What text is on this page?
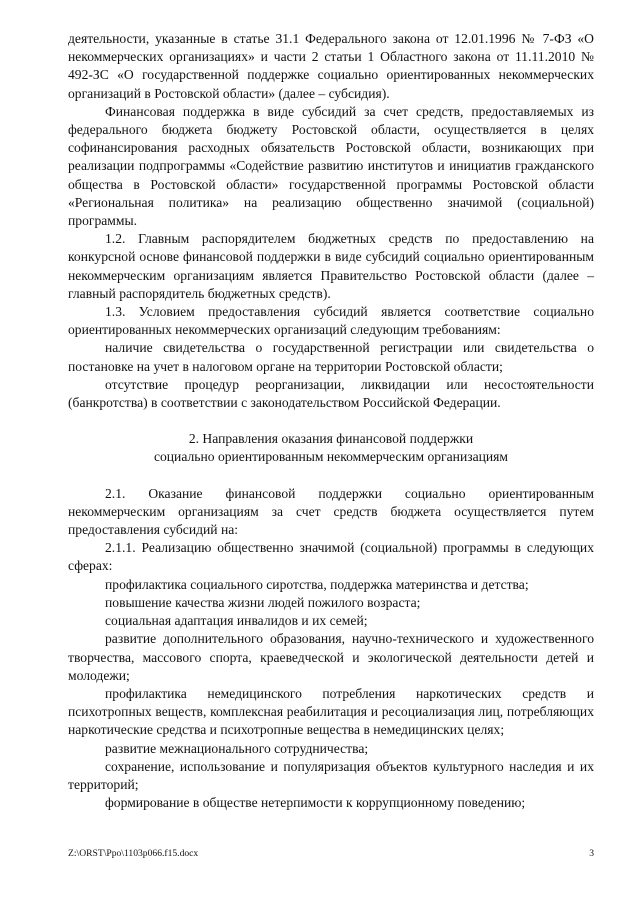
деятельности, указанные в статье 31.1 Федерального закона от 12.01.1996 № 7-ФЗ «О некоммерческих организациях» и части 2 статьи 1 Областного закона от 11.11.2010 № 492-ЗС «О государственной поддержке социально ориентированных некоммерческих организаций в Ростовской области» (далее – субсидия).

Финансовая поддержка в виде субсидий за счет средств, предоставляемых из федерального бюджета бюджету Ростовской области, осуществляется в целях софинансирования расходных обязательств Ростовской области, возникающих при реализации подпрограммы «Содействие развитию институтов и инициатив гражданского общества в Ростовской области» государственной программы Ростовской области «Региональная политика» на реализацию общественно значимой (социальной) программы.

1.2. Главным распорядителем бюджетных средств по предоставлению на конкурсной основе финансовой поддержки в виде субсидий социально ориентированным некоммерческим организациям является Правительство Ростовской области (далее – главный распорядитель бюджетных средств).

1.3. Условием предоставления субсидий является соответствие социально ориентированных некоммерческих организаций следующим требованиям:

наличие свидетельства о государственной регистрации или свидетельства о постановке на учет в налоговом органе на территории Ростовской области;

отсутствие процедур реорганизации, ликвидации или несостоятельности (банкротства) в соответствии с законодательством Российской Федерации.

2. Направления оказания финансовой поддержки
социально ориентированным некоммерческим организациям

2.1. Оказание финансовой поддержки социально ориентированным некоммерческим организациям за счет средств бюджета осуществляется путем предоставления субсидий на:

2.1.1. Реализацию общественно значимой (социальной) программы в следующих сферах:

профилактика социального сиротства, поддержка материнства и детства;

повышение качества жизни людей пожилого возраста;

социальная адаптация инвалидов и их семей;

развитие дополнительного образования, научно-технического и художественного творчества, массового спорта, краеведческой и экологической деятельности детей и молодежи;

профилактика немедицинского потребления наркотических средств и психотропных веществ, комплексная реабилитация и ресоциализация лиц, потребляющих наркотические средства и психотропные вещества в немедицинских целях;

развитие межнационального сотрудничества;

сохранение, использование и популяризация объектов культурного наследия и их территорий;

формирование в обществе нетерпимости к коррупционному поведению;

Z:\ORST\Ppo\1103p066.f15.docx	3
